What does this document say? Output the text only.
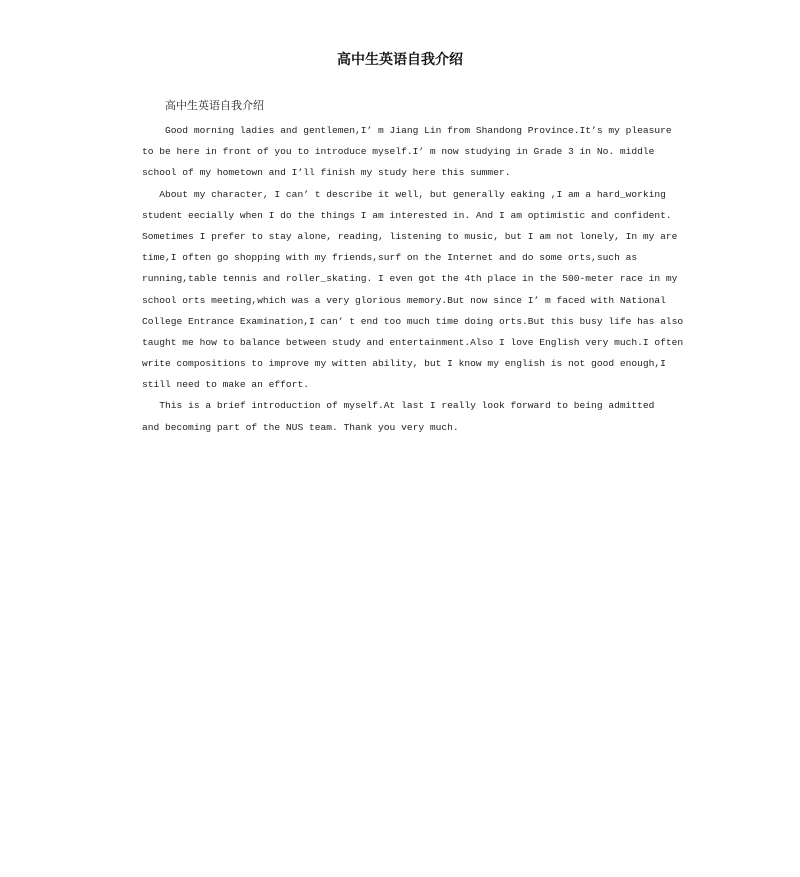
高中生英语自我介绍

高中生英语自我介绍

Good morning ladies and gentlemen,I’ m Jiang Lin from Shandong Province.It’s my pleasure
to be here in front of you to introduce myself.I’ m now studying in Grade 3 in No. middle
school of my hometown and I’ll finish my study here this summer.
About my character, I can’ t describe it well, but generally eaking ,I am a hard_working
student eecially when I do the things I am interested in. And I am optimistic and confident.
Sometimes I prefer to stay alone, reading, listening to music, but I am not lonely, In my are
time,I often go shopping with my friends,surf on the Internet and do some orts,such as
running,table tennis and roller_skating. I even got the 4th place in the 500-meter race in my
school orts meeting,which was a very glorious memory.But now since I’ m faced with National
College Entrance Examination,I can’ t end too much time doing orts.But this busy life has also
taught me how to balance between study and entertainment.Also I love English very much.I often
write compositions to improve my witten ability, but I know my english is not good enough,I
still need to make an effort.
This is a brief introduction of myself.At last I really look forward to being admitted
and becoming part of the NUS team. Thank you very much.
